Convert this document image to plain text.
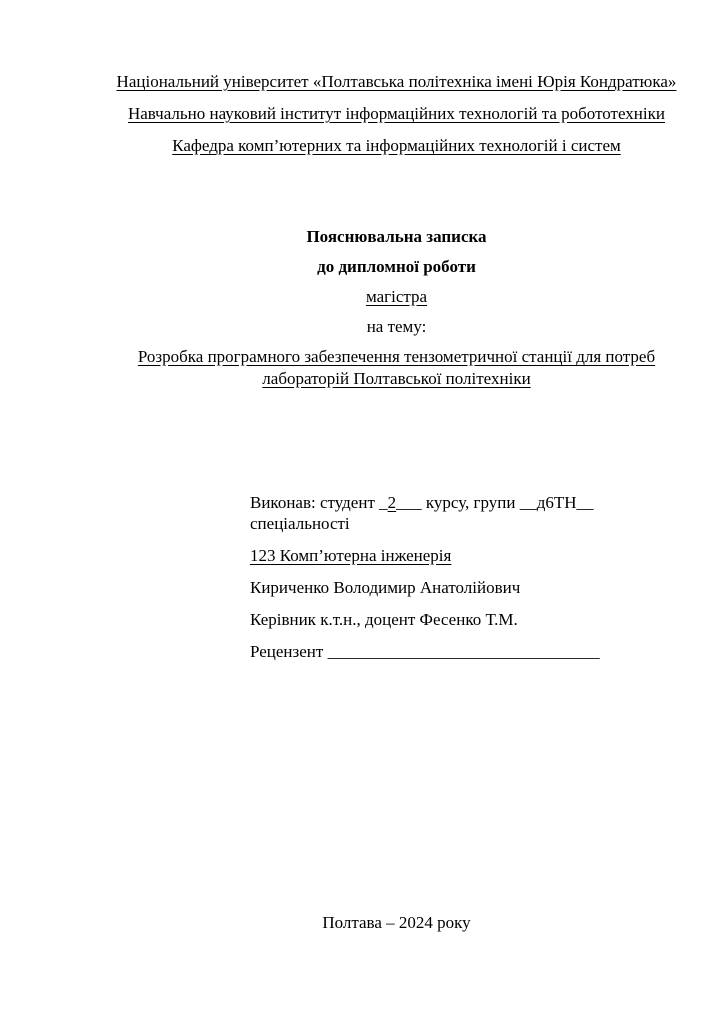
Національний університет «Полтавська політехніка імені Юрія Кондратюка»
Навчально науковий інститут інформаційних технологій та робототехніки
Кафедра комп’ютерних та інформаційних технологій і систем
Пояснювальна записка
до дипломної роботи
магістра
на тему:
Розробка програмного забезпечення тензометричної станції для потреб лабораторій Полтавської політехніки

Виконав: студент _2___ курсу, групи __д6ТН__ спеціальності

123 Комп’ютерна інженерія

Кириченко Володимир Анатолійович

Керівник к.т.н., доцент Фесенко Т.М.

Рецензент ________________________________

Полтава – 2024 року
